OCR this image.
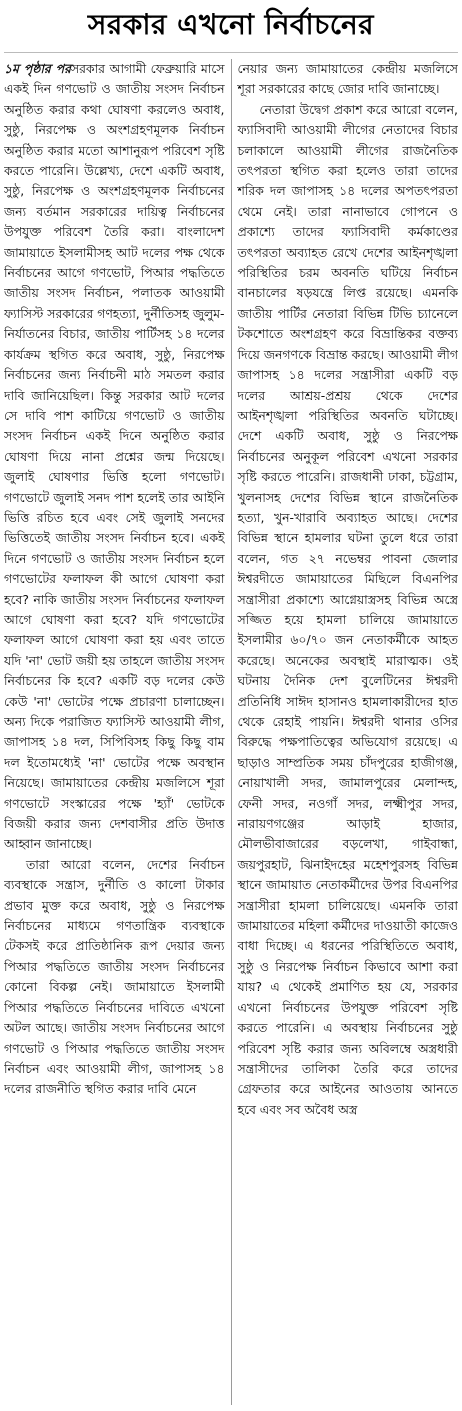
সরকার এখনো নির্বাচনের

১ম পৃষ্ঠার পরসরকার আগামী ফেব্রুয়ারি মাসে একই দিন গণভোট ও জাতীয় সংসদ নির্বাচন অনুষ্ঠিত করার কথা ঘোষণা করলেও অবাধ, সুষ্ঠু, নিরপেক্ষ ও অংশগ্রহণমূলক নির্বাচন অনুষ্ঠিত করার মতো আশানুরূপ পরিবেশ সৃষ্টি করতে পারেনি। উল্লেখ্য, দেশে একটি অবাধ, সুষ্ঠু, নিরপেক্ষ ও অংশগ্রহণমূলক নির্বাচনের জন্য বর্তমান সরকারের দায়িত্ব নির্বাচনের উপযুক্ত পরিবেশ তৈরি করা। বাংলাদেশ জামায়াতে ইসলামীসহ আট দলের পক্ষ থেকে নির্বাচনের আগে গণভোট, পিআর পদ্ধতিতে জাতীয় সংসদ নির্বাচন, পলাতক আওয়ামী ফ্যাসিস্ট সরকারের গণহত্যা, দুর্নীতিসহ জুলুম-নির্যাতনের বিচার, জাতীয় পার্টিসহ ১৪ দলের কার্যক্রম স্থগিত করে অবাধ, সুষ্ঠু, নিরপেক্ষ নির্বাচনের জন্য নির্বাচনী মাঠ সমতল করার দাবি জানিয়েছিল। কিন্তু সরকার আট দলের সে দাবি পাশ কাটিয়ে গণভোট ও জাতীয় সংসদ নির্বাচন একই দিনে অনুষ্ঠিত করার ঘোষণা দিয়ে নানা প্রশ্নের জন্ম দিয়েছে। জুলাই ঘোষণার ভিত্তি হলো গণভোট। গণভোটে জুলাই সনদ পাশ হলেই তার আইনি ভিত্তি রচিত হবে এবং সেই জুলাই সনদের ভিত্তিতেই জাতীয় সংসদ নির্বাচন হবে। একই দিনে গণভোট ও জাতীয় সংসদ নির্বাচন হলে গণভোটের ফলাফল কী আগে ঘোষণা করা হবে? নাকি জাতীয় সংসদ নির্বাচনের ফলাফল আগে ঘোষণা করা হবে? যদি গণভোটের ফলাফল আগে ঘোষণা করা হয় এবং তাতে যদি 'না' ভোট জয়ী হয় তাহলে জাতীয় সংসদ নির্বাচনের কি হবে? একটি বড় দলের কেউ কেউ 'না' ভোটের পক্ষে প্রচারণা চালাচ্ছেন। অন্য দিকে পরাজিত ফ্যাসিস্ট আওয়ামী লীগ, জাপাসহ ১৪ দল, সিপিবিসহ কিছু কিছু বাম দল ইতোমধ্যেই 'না' ভোটের পক্ষে অবস্থান নিয়েছে। জামায়াতের কেন্দ্রীয় মজলিসে শূরা গণভোটে সংস্কারের পক্ষে 'হ্যাঁ' ভোটকে বিজয়ী করার জন্য দেশবাসীর প্রতি উদাত্ত আহ্বান জানাচ্ছে।

তারা আরো বলেন, দেশের নির্বাচন ব্যবস্থাকে সন্ত্রাস, দুর্নীতি ও কালো টাকার প্রভাব মুক্ত করে অবাধ, সুষ্ঠু ও নিরপেক্ষ নির্বাচনের মাধ্যমে গণতান্ত্রিক ব্যবস্থাকে টেকসই করে প্রাতিষ্ঠানিক রূপ দেয়ার জন্য পিআর পদ্ধতিতে জাতীয় সংসদ নির্বাচনের কোনো বিকল্প নেই। জামায়াতে ইসলামী পিআর পদ্ধতিতে নির্বাচনের দাবিতে এখনো অটল আছে। জাতীয় সংসদ নির্বাচনের আগে গণভোট ও পিআর পদ্ধতিতে জাতীয় সংসদ নির্বাচন এবং আওয়ামী লীগ, জাপাসহ ১৪ দলের রাজনীতি স্থগিত করার দাবি মেনে

নেয়ার জন্য জামায়াতের কেন্দ্রীয় মজলিসে শূরা সরকারের কাছে জোর দাবি জানাচ্ছে।

নেতারা উদ্বেগ প্রকাশ করে আরো বলেন, ফ্যাসিবাদী আওয়ামী লীগের নেতাদের বিচার চলাকালে আওয়ামী লীগের রাজনৈতিক তৎপরতা স্থগিত করা হলেও তারা তাদের শরিক দল জাপাসহ ১৪ দলের অপতৎপরতা থেমে নেই। তারা নানাভাবে গোপনে ও প্রকাশ্যে তাদের ফ্যাসিবাদী কর্মকাণ্ডের তৎপরতা অব্যাহত রেখে দেশের আইনশৃঙ্খলা পরিস্থিতির চরম অবনতি ঘটিয়ে নির্বাচন বানচালের ষড়যন্ত্রে লিপ্ত রয়েছে। এমনকি জাতীয় পার্টির নেতারা বিভিন্ন টিভি চ্যানেলে টকশোতে অংশগ্রহণ করে বিভ্রান্তিকর বক্তব্য দিয়ে জনগণকে বিভ্রান্ত করছে। আওয়ামী লীগ জাপাসহ ১৪ দলের সন্ত্রাসীরা একটি বড় দলের আশ্রয়-প্রশ্রয় থেকে দেশের আইনশৃঙ্খলা পরিস্থিতির অবনতি ঘটাচ্ছে। দেশে একটি অবাধ, সুষ্ঠু ও নিরপেক্ষ নির্বাচনের অনুকূল পরিবেশ এখনো সরকার সৃষ্টি করতে পারেনি। রাজধানী ঢাকা, চট্টগ্রাম, খুলনাসহ দেশের বিভিন্ন স্থানে রাজনৈতিক হত্যা, খুন-খারাবি অব্যাহত আছে। দেশের বিভিন্ন স্থানে হামলার ঘটনা তুলে ধরে তারা বলেন, গত ২৭ নভেম্বর পাবনা জেলার ঈশ্বরদীতে জামায়াতের মিছিলে বিএনপির সন্ত্রাসীরা প্রকাশ্যে আগ্নেয়াস্ত্রসহ বিভিন্ন অস্ত্রে সজ্জিত হয়ে হামলা চালিয়ে জামায়াতে ইসলামীর ৬০/৭০ জন নেতাকর্মীকে আহত করেছে। অনেকের অবস্থাই মারাত্মক। ওই ঘটনায় দৈনিক দেশ বুলেটিনের ঈশ্বরদী প্রতিনিধি সাঈদ হাসানও হামলাকারীদের হাত থেকে রেহাই পায়নি। ঈশ্বরদী থানার ওসির বিরুদ্ধে পক্ষপাতিত্বের অভিযোগ রয়েছে। এ ছাড়াও সাম্প্রতিক সময় চাঁদপুরের হাজীগঞ্জ, নোয়াখালী সদর, জামালপুরের মেলান্দহ, ফেনী সদর, নওগাঁ সদর, লক্ষ্মীপুর সদর, নারায়ণগঞ্জের আড়াই হাজার, মৌলভীবাজারের বড়লেখা, গাইবান্ধা, জয়পুরহাট, ঝিনাইদহের মহেশপুরসহ বিভিন্ন স্থানে জামায়াত নেতাকর্মীদের উপর বিএনপির সন্ত্রাসীরা হামলা চালিয়েছে। এমনকি তারা জামায়াতের মহিলা কর্মীদের দাওয়াতী কাজেও বাধা দিচ্ছে। এ ধরনের পরিস্থিতিতে অবাধ, সুষ্ঠু ও নিরপেক্ষ নির্বাচন কিভাবে আশা করা যায়? এ থেকেই প্রমাণিত হয় যে, সরকার এখনো নির্বাচনের উপযুক্ত পরিবেশ সৃষ্টি করতে পারেনি। এ অবস্থায় নির্বাচনের সুষ্ঠু পরিবেশ সৃষ্টি করার জন্য অবিলম্বে অস্ত্রধারী সন্ত্রাসীদের তালিকা তৈরি করে তাদের গ্রেফতার করে আইনের আওতায় আনতে হবে এবং সব অবৈধ অস্ত্র
